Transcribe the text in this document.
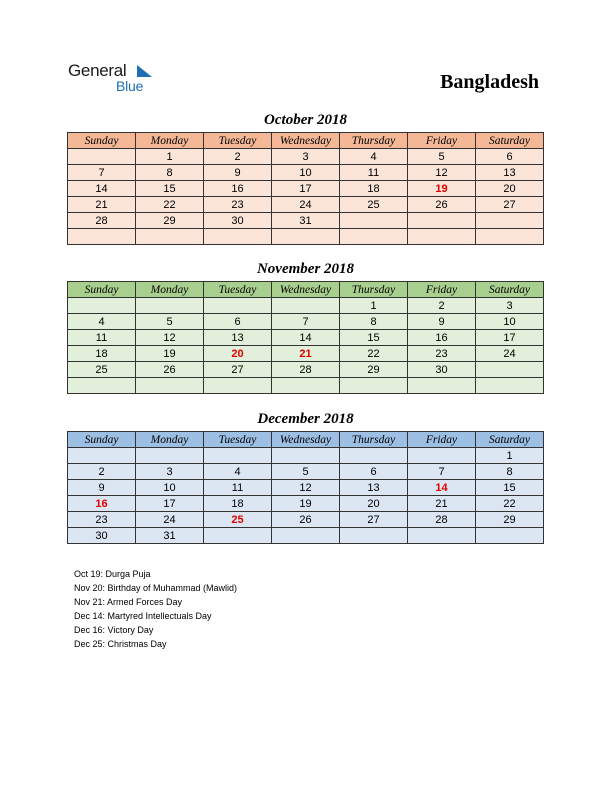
General
Blue	Bangladesh
October 2018
Sunday	Monday	Tuesday	Wednesday	Thursday	Friday	Saturday
	1	2	3	4	5	6
7	8	9	10	11	12	13
14	15	16	17	18	19	20
21	22	23	24	25	26	27
28	29	30	31			

November 2018
Sunday	Monday	Tuesday	Wednesday	Thursday	Friday	Saturday
				1	2	3
4	5	6	7	8	9	10
11	12	13	14	15	16	17
18	19	20	21	22	23	24
25	26	27	28	29	30	

December 2018
Sunday	Monday	Tuesday	Wednesday	Thursday	Friday	Saturday
						1
2	3	4	5	6	7	8
9	10	11	12	13	14	15
16	17	18	19	20	21	22
23	24	25	26	27	28	29
30	31					
Oct 19: Durga Puja
Nov 20: Birthday of Muhammad (Mawlid)
Nov 21: Armed Forces Day
Dec 14: Martyred Intellectuals Day
Dec 16: Victory Day
Dec 25: Christmas Day
